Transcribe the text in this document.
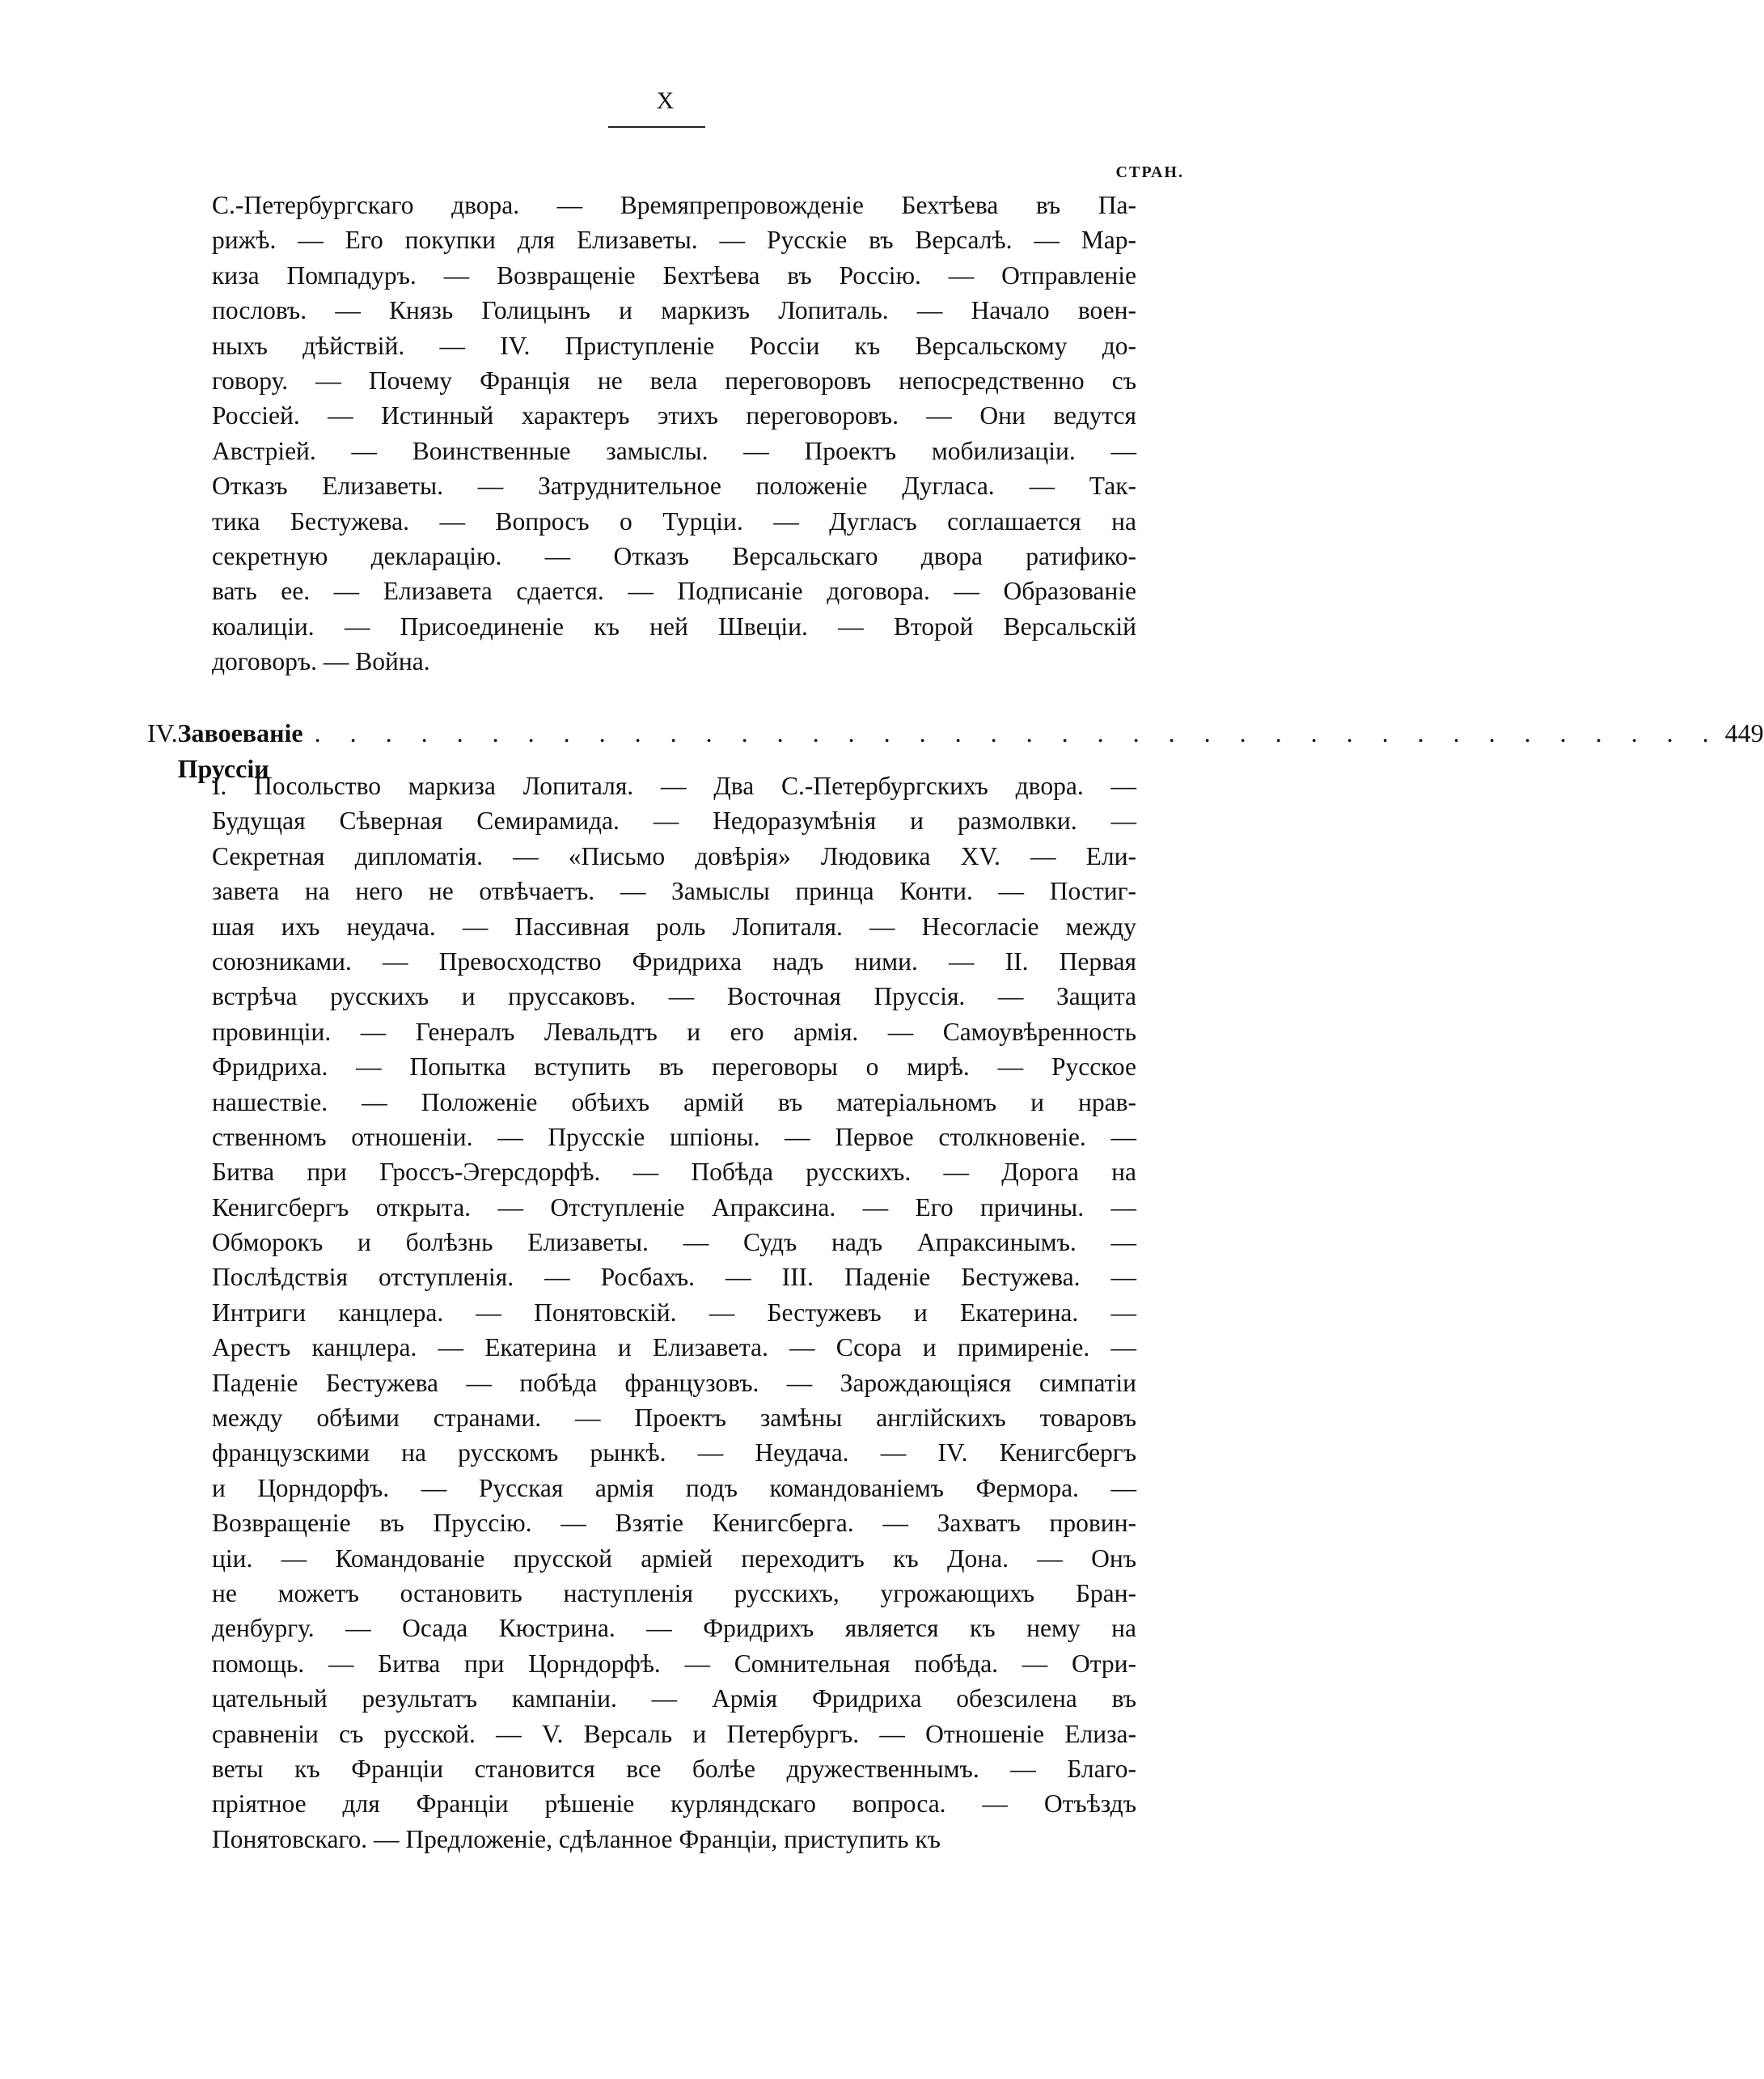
X
СТРАН.
С.-Петербургскаго двора. — Времяпрепровожденіе Бехтѣева въ Па-
рижѣ. — Его покупки для Елизаветы. — Русскіе въ Версалѣ. — Мар-
киза Помпадуръ. — Возвращеніе Бехтѣева въ Россію. — Отправленіе
пословъ. — Князь Голицынъ и маркизъ Лопиталь. — Начало воен-
ныхъ дѣйствій. — IV. Приступленіе Россіи къ Версальскому до-
говору. — Почему Франція не вела переговоровъ непосредственно съ
Россіей. — Истинный характеръ этихъ переговоровъ. — Они ведутся
Австріей. — Воинственные замыслы. — Проектъ мобилизаціи. —
Отказъ Елизаветы. — Затруднительное положеніе Дугласа. — Так-
тика Бестужева. — Вопросъ о Турціи. — Дугласъ соглашается на
секретную декларацію. — Отказъ Версальскаго двора ратифико-
вать ее. — Елизавета сдается. — Подписаніе договора. — Образованіе
коалиціи. — Присоединеніе къ ней Швеціи. — Второй Версальскій
договоръ. — Война.
IV. Завоеваніе Пруссіи
. . . . . . . . . . . . . . . . . . . . . . . . . . . . . . . . . . . . . . . . 449
I. Посольство маркиза Лопиталя. — Два С.-Петербургскихъ двора. —
Будущая Сѣверная Семирамида. — Недоразумѣнія и размолвки. —
Секретная дипломатія. — «Письмо довѣрія» Людовика XV. — Ели-
завета на него не отвѣчаетъ. — Замыслы принца Конти. — Постиг-
шая ихъ неудача. — Пассивная роль Лопиталя. — Несогласіе между
союзниками. — Превосходство Фридриха надъ ними. — II. Первая
встрѣча русскихъ и пруссаковъ. — Восточная Пруссія. — Защита
провинціи. — Генералъ Левальдтъ и его армія. — Самоувѣренность
Фридриха. — Попытка вступить въ переговоры о мирѣ. — Русское
нашествіе. — Положеніе обѣихъ армій въ матеріальномъ и нрав-
ственномъ отношеніи. — Прусскіе шпіоны. — Первое столкновеніе. —
Битва при Гроссъ-Эгерсдорфѣ. — Побѣда русскихъ. — Дорога на
Кенигсбергъ открыта. — Отступленіе Апраксина. — Его причины. —
Обморокъ и болѣзнь Елизаветы. — Судъ надъ Апраксинымъ. —
Послѣдствія отступленія. — Росбахъ. — III. Паденіе Бестужева. —
Интриги канцлера. — Понятовскій. — Бестужевъ и Екатерина. —
Арестъ канцлера. — Екатерина и Елизавета. — Ссора и примиреніе. —
Паденіе Бестужева — побѣда французовъ. — Зарождающіяся симпатіи
между обѣими странами. — Проектъ замѣны англійскихъ товаровъ
французскими на русскомъ рынкѣ. — Неудача. — IV. Кенигсбергъ
и Цорндорфъ. — Русская армія подъ командованіемъ Фермора. —
Возвращеніе въ Пруссію. — Взятіе Кенигсберга. — Захватъ провин-
ціи. — Командованіе прусской арміей переходитъ къ Дона. — Онъ
не можетъ остановить наступленія русскихъ, угрожающихъ Бран-
денбургу. — Осада Кюстрина. — Фридрихъ является къ нему на
помощь. — Битва при Цорндорфѣ. — Сомнительная побѣда. — Отри-
цательный результатъ кампаніи. — Армія Фридриха обезсилена въ
сравненіи съ русской. — V. Версаль и Петербургъ. — Отношеніе Елиза-
веты къ Франціи становится все болѣе дружественнымъ. — Благо-
пріятное для Франціи рѣшеніе курляндскаго вопроса. — Отъѣздъ
Понятовскаго. — Предложеніе, сдѣланное Франціи, приступить къ
